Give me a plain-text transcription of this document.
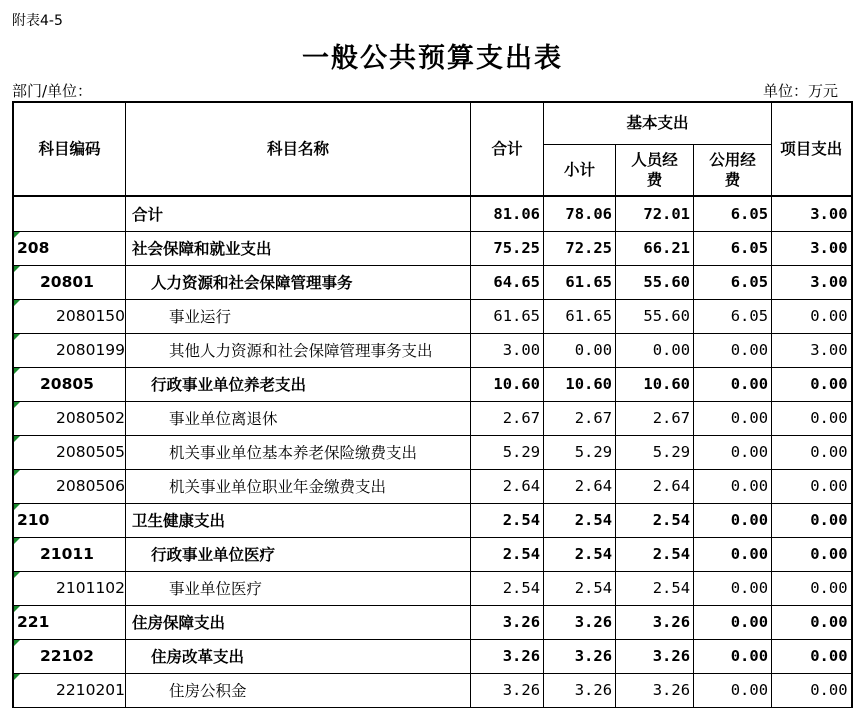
附表4-5
一般公共预算支出表
部门/单位：	单位：万元
科目编码	科目名称	合计	基本支出			项目支出
			小计	人员经费	公用经费	
	合计	81.06	78.06	72.01	6.05	3.00
208	社会保障和就业支出	75.25	72.25	66.21	6.05	3.00
20801	人力资源和社会保障管理事务	64.65	61.65	55.60	6.05	3.00
2080150	事业运行	61.65	61.65	55.60	6.05	0.00
2080199	其他人力资源和社会保障管理事务支出	3.00	0.00	0.00	0.00	3.00
20805	行政事业单位养老支出	10.60	10.60	10.60	0.00	0.00
2080502	事业单位离退休	2.67	2.67	2.67	0.00	0.00
2080505	机关事业单位基本养老保险缴费支出	5.29	5.29	5.29	0.00	0.00
2080506	机关事业单位职业年金缴费支出	2.64	2.64	2.64	0.00	0.00
210	卫生健康支出	2.54	2.54	2.54	0.00	0.00
21011	行政事业单位医疗	2.54	2.54	2.54	0.00	0.00
2101102	事业单位医疗	2.54	2.54	2.54	0.00	0.00
221	住房保障支出	3.26	3.26	3.26	0.00	0.00
22102	住房改革支出	3.26	3.26	3.26	0.00	0.00
2210201	住房公积金	3.26	3.26	3.26	0.00	0.00
